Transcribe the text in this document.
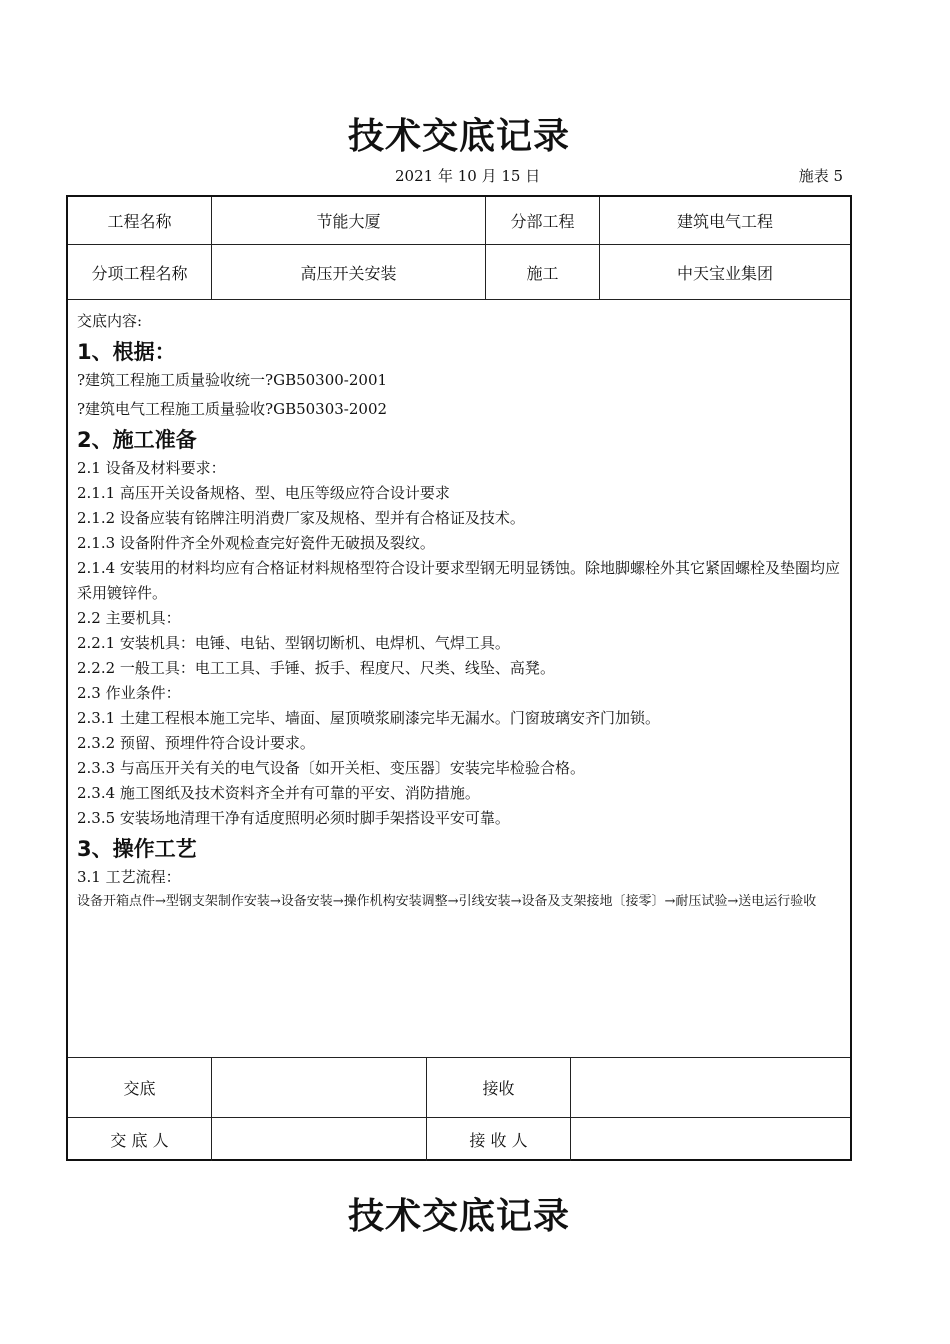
技术交底记录
2021 年 10 月 15 日	施表 5
工程名称	节能大厦	分部工程	建筑电气工程
分项工程名称	高压开关安装	施工	中天宝业集团
交底内容:
1、根据：
?建筑工程施工质量验收统一?GB50300-2001
?建筑电气工程施工质量验收?GB50303-2002
2、施工准备
2.1 设备及材料要求：
2.1.1 高压开关设备规格、型、电压等级应符合设计要求
2.1.2 设备应装有铭牌注明消费厂家及规格、型并有合格证及技术。
2.1.3 设备附件齐全外观检查完好瓷件无破损及裂纹。
2.1.4 安装用的材料均应有合格证材料规格型符合设计要求型钢无明显锈蚀。除地脚螺栓外其它紧固螺栓及垫圈均应采用镀锌件。
2.2 主要机具：
2.2.1 安装机具：电锤、电钻、型钢切断机、电焊机、气焊工具。
2.2.2 一般工具：电工工具、手锤、扳手、程度尺、尺类、线坠、高凳。
2.3 作业条件：
2.3.1 土建工程根本施工完毕、墙面、屋顶喷浆刷漆完毕无漏水。门窗玻璃安齐门加锁。
2.3.2 预留、预埋件符合设计要求。
2.3.3 与高压开关有关的电气设备〔如开关柜、变压器〕安装完毕检验合格。
2.3.4 施工图纸及技术资料齐全并有可靠的平安、消防措施。
2.3.5 安装场地清理干净有适度照明必须时脚手架搭设平安可靠。
3、操作工艺
3.1 工艺流程：
设备开箱点件→型钢支架制作安装→设备安装→操作机构安装调整→引线安装→设备及支架接地〔接零〕→耐压试验→送电运行验收
交底	接收
交 底 人	接 收 人
技术交底记录
